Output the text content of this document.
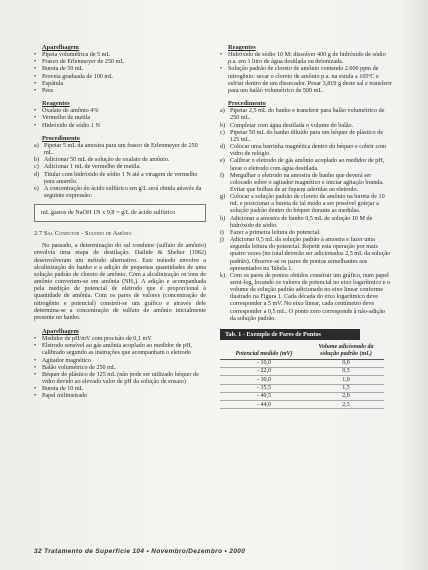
Aparelhagem
• Pipeta volumétrica de 5 mL
• Frasco de Erlenmeyer de 250 mL
• Bureta de 50 mL
• Proveta graduada de 100 mL
• Espátula
• Pera
Reagentes
• Oxalato de amônio 4%
• Vermelho de metila
• Hidróxido de sódio 1 N
Procedimento
a) Pipetar 5 mL da amostra para um frasco de Erlenmeyer de 250 mL.
b) Adicionar 50 mL de solução de oxalato de amônio.
c) Adicionar 1 mL de vermelho de metila.
d) Titular com hidróxido de sódio 1 N até a viragem de vermelho para amarelo.
e) A concentração do ácido sulfúrico em g/L será obtida através da seguinte expressão:
mL gastos de NaOH 1N x 9,8 = g/L de ácido sulfúrico
2.7 Sal Condutor - Sulfato de Amônio

No passado, a determinação do sal condutor (sulfato de amônio) envolvia uma etapa de destilação. Dailide & Shelter (1982) desenvolveram um método alternativo. Este método envolve a alcalinização do banho e a adição de pequenas quantidades de uma solução padrão de cloreto de amônio. Com a alcalinização os íons de amônio convertem-se em amônia (NH₃). A adição e acompanhada pela medição de potencial de eletrodo que é proporcional à quantidade de amônia. Com os pares de valores (concentração de nitrogênio e potencial) constrói-se um gráfico e através dele determina-se a concentração de sulfato de amônio inicialmente presente no banho.

Aparelhagem
• Medidor de pH/mV com precisão de 0,1 mV
• Eletrodo sensível ao gás amônia acoplado ao medidor de pH, calibrado segundo as instruções que acompanham o eletrodo
• Agitador magnético
• Balão volumétrico de 250 mL
• Béquer de plástico de 125 mL (não pode ser utilizado béquer de vidro devido ao elevado valor de pH da solução de ensaio)
• Bureta de 10 mL
• Papel milimetrado
Reagentes
• Hidróxido de sódio 10 M: dissolver 400 g de hidróxido de sódio p.a. em 1 litro de água destilada ou deionizada.
• Solução padrão de cloreto de amônio contendo 2.000 ppm de nitrogênio: secar o cloreto de amônio p.a. na estufa a 105ºC e esfriar dentro de um dissecador. Pesar 3,819 g deste sal e transferir para um balão volumétrico de 500 mL.
Procedimento
a) Pipetar 2,5 mL do banho e transferir para balão volumétrico de 250 mL.
b) Completar com água destilada o volume do balão.
c) Pipetar 50 mL do banho diluído para um béquer de plástico de 125 mL.
d) Colocar uma barrinha magnética dentro do béquer e cobrir com vidro de relógio.
e) Calibrar o eletrodo de gás amônio acoplado ao medidor de pH, lavar o eletrodo com água destilada.
f) Mergulhar o eletrodo na amostra de banho que deverá ser colocado sobre o agitador magnético e iniciar agitação branda. Evitar que bolhas de ar fiquem aderidas ao eletrodo.
g) Colocar a solução padrão de cloreto de amônio na bureta de 10 mL e posicionar a bureta de tal modo a ser possível gotejar a solução padrão dentro do béquer durante as medidas.
h) Adicionar a amostra de banho 0,5 mL de solução 10 M de hidróxido de sódio.
i) Fazer a primeira leitura do potencial.
j) Adicionar 0,5 mL da solução padrão à amostra e fazer uma segunda leitura do potencial. Repetir esta operação por mais quatro vezes (no total deverão ser adicionados 2,5 mL da solução padrão). Observe-se os pares de pontos semelhantes aos apresentados na Tabela 1.
k) Com os pares de pontos obtidos construir um gráfico, num papel semi-log, locando os valores de potencial no eixo logarítmico e o volume da solução padrão adicionado no eixo linear conforme ilustrado na Figura 1. Cada década do eixo logarítmico deve corresponder a 5 mV. No eixo linear, cada centímetro deve corresponder a 0,5 mL. O ponto zero corresponde à não-adição da solução padrão.
Tab. 1 - Exemplo de Pares de Pontos
Potencial medido (mV)	Volume adicionado da solução padrão (mL)
- 10,0	0,0
- 22,0	0,5
- 30,0	1,0
- 35,5	1,5
- 40,5	2,0
- 44,0	2,5
32 Tratamento de Superfície 104 • Novembro/Dezembro • 2000
